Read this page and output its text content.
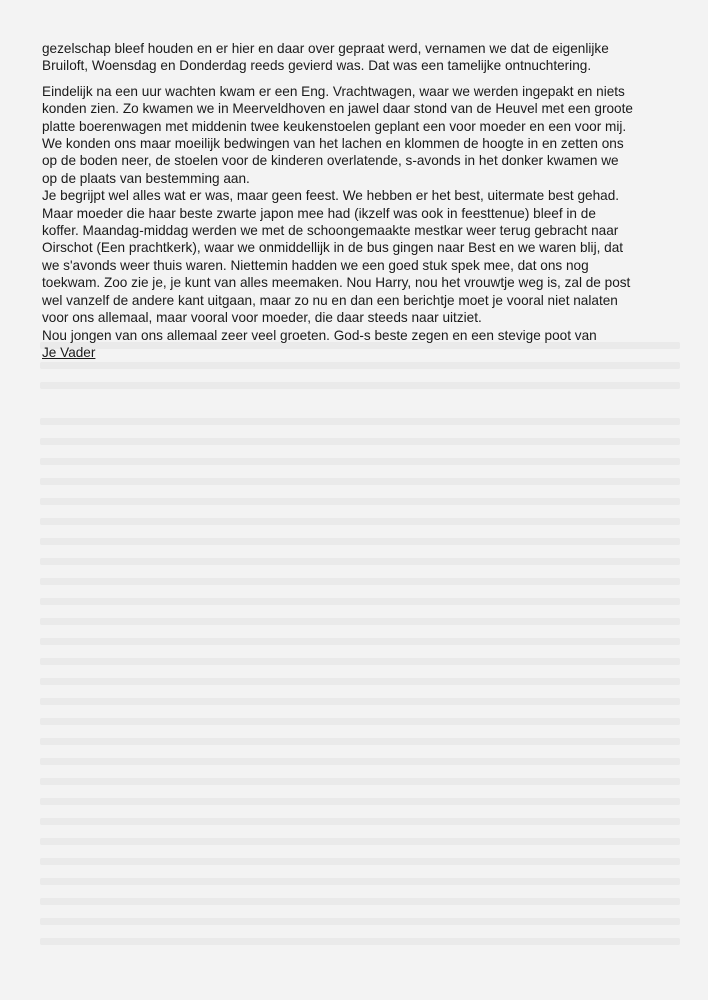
gezelschap bleef houden en er hier en daar over gepraat werd, vernamen we dat de eigenlijke
Bruiloft, Woensdag en Donderdag reeds gevierd was. Dat was een tamelijke ontnuchtering.

Eindelijk na een uur wachten kwam er een Eng. Vrachtwagen, waar we werden ingepakt en niets
konden zien. Zo kwamen we in Meerveldhoven en jawel daar stond van de Heuvel met een groote
platte boerenwagen met middenin twee keukenstoelen geplant een voor moeder en een voor mij.
We konden ons maar moeilijk bedwingen van het lachen en klommen de hoogte in en zetten ons
op de boden neer, de stoelen voor de kinderen overlatende, s-avonds in het donker kwamen we
op de plaats van bestemming aan.

Je begrijpt wel alles wat er was, maar geen feest. We hebben er het best, uitermate best gehad.
Maar moeder die haar beste zwarte japon mee had (ikzelf was ook in feesttenue) bleef in de
koffer. Maandag-middag werden we met de schoongemaakte mestkar weer terug gebracht naar
Oirschot (Een prachtkerk), waar we onmiddellijk in de bus gingen naar Best en we waren blij, dat
we s'avonds weer thuis waren. Niettemin hadden we een goed stuk spek mee, dat ons nog
toekwam. Zoo zie je, je kunt van alles meemaken. Nou Harry, nou het vrouwtje weg is, zal de post
wel vanzelf de andere kant uitgaan, maar zo nu en dan een berichtje moet je vooral niet nalaten
voor ons allemaal, maar vooral voor moeder, die daar steeds naar uitziet.

Nou jongen van ons allemaal zeer veel groeten. God-s beste zegen en een stevige poot van

Je Vader
